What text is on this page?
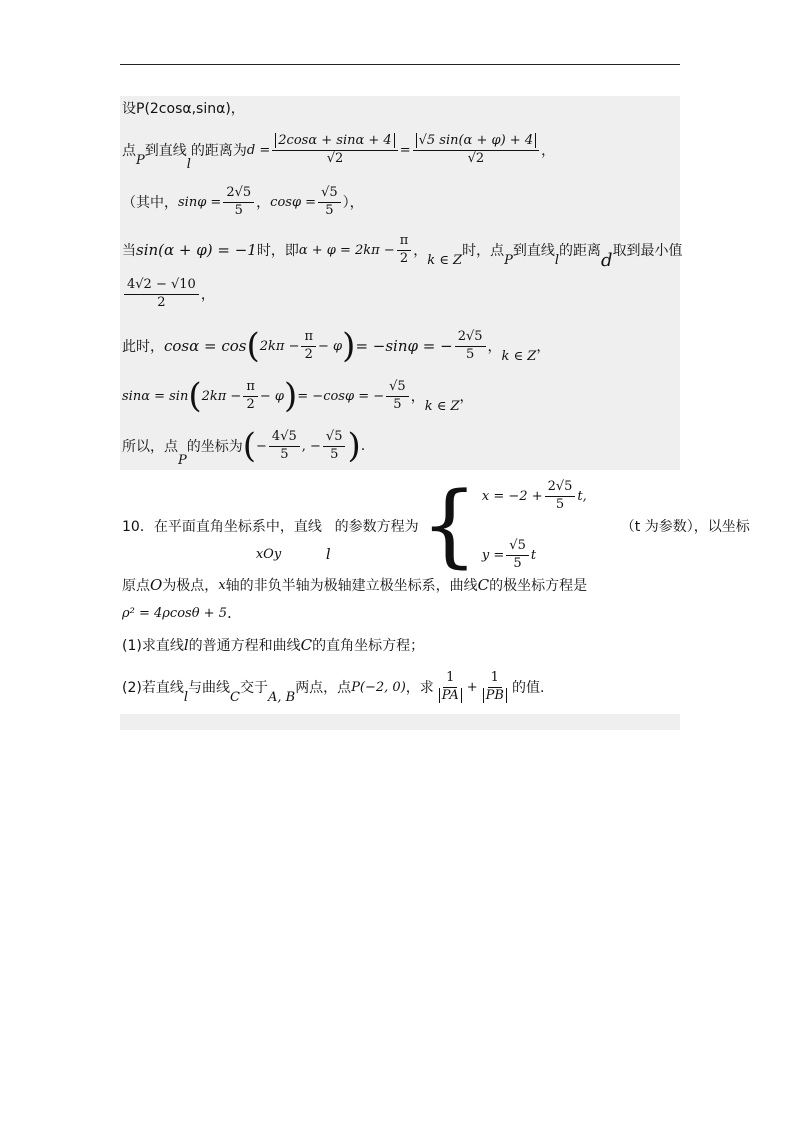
设P(2cosα,sinα)，
点
P
到直线
l
的距离为 $d = \frac{2\cos\alpha + \sin\alpha + 4}{√2} = \frac{√5 \sin(\alpha + \varphi) + 4}{√2}$ ，
（其中， $\sin\varphi = \frac{2√5}{5}$ ， $\cos\varphi = \frac{√5}{5}$ ），
当 sin(α + φ) = −1 时，即 $\alpha + \varphi = 2k\pi - \frac{\pi}{2}$ ，
k ∈ Z
时，点
P
到直线
l
的距离 d 取到最小值
$\frac{4√2 - √10}{2}$ ，
此时， cosα = cos ( $2k\pi - \frac{\pi}{2} - \varphi$ ) = −sinφ = − $\frac{2√5}{5}$ ，
k ∈ Z
，
sinα = sin ( $2k\pi - \frac{\pi}{2} - \varphi$ ) = −cosφ = − $\frac{√5}{5}$ ，
k ∈ Z
，
所以，点
P
的坐标为 ( − $\frac{4√5}{5}$ , − $\frac{√5}{5}$ ) .
10．在平面直角坐标系
xOy
中，直线
l
的参数方程为 { $x = -2 + \frac{2√5}{5} t$,
$y = \frac{√5}{5}$ t
（t 为参数），以坐标
原点 O 为极点， x 轴的非负半轴为极轴建立极坐标系，曲线 C 的极坐标方程是
ρ² = 4ρcosθ + 5 .
(1)求直线 l 的普通方程和曲线 C 的直角坐标方程；
(2)若直线
l
与曲线
C
交于
A, B
两点，点 P(−2, 0) ，求 $\frac{1}{PA} + \frac{1}{PB}$ 的值.
